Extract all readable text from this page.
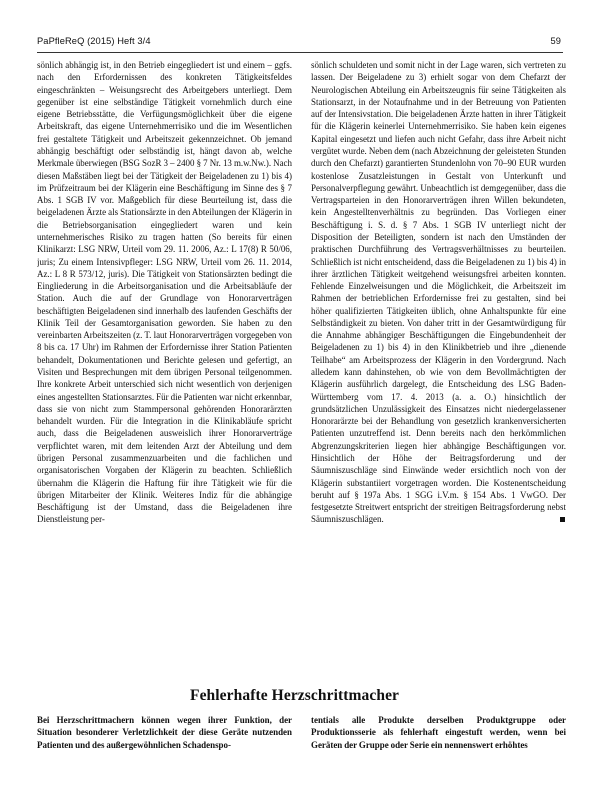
PaPfleReQ (2015) Heft 3/4	59

sönlich abhängig ist, in den Betrieb eingegliedert ist und einem – ggfs. nach den Erfordernissen des konkreten Tätigkeitsfeldes eingeschränkten – Weisungsrecht des Arbeitgebers unterliegt. Dem gegenüber ist eine selbständige Tätigkeit vornehmlich durch eine eigene Betriebsstätte, die Verfügungsmöglichkeit über die eigene Arbeitskraft, das eigene Unternehmerrisiko und die im Wesentlichen frei gestaltete Tätigkeit und Arbeitszeit gekennzeichnet. Ob jemand abhängig beschäftigt oder selbständig ist, hängt davon ab, welche Merkmale überwiegen (BSG SozR 3 – 2400 § 7 Nr. 13 m.w.Nw.). Nach diesen Maßstäben liegt bei der Tätigkeit der Beigeladenen zu 1) bis 4) im Prüfzeitraum bei der Klägerin eine Beschäftigung im Sinne des § 7 Abs. 1 SGB IV vor. Maßgeblich für diese Beurteilung ist, dass die beigeladenen Ärzte als Stationsärzte in den Abteilungen der Klägerin in die Betriebsorganisation eingegliedert waren und kein unternehmerisches Risiko zu tragen hatten (So bereits für einen Klinikarzt: LSG NRW, Urteil vom 29. 11. 2006, Az.: L 17(8) R 50/06, juris; Zu einem Intensivpfleger: LSG NRW, Urteil vom 26. 11. 2014, Az.: L 8 R 573/12, juris). Die Tätigkeit von Stationsärzten bedingt die Eingliederung in die Arbeitsorganisation und die Arbeitsabläufe der Station. Auch die auf der Grundlage von Honorarverträgen beschäftigten Beigeladenen sind innerhalb des laufenden Geschäfts der Klinik Teil der Gesamtorganisation geworden. Sie haben zu den vereinbarten Arbeitszeiten (z. T. laut Honorarverträgen vorgegeben von 8 bis ca. 17 Uhr) im Rahmen der Erfordernisse ihrer Station Patienten behandelt, Dokumentationen und Berichte gelesen und gefertigt, an Visiten und Besprechungen mit dem übrigen Personal teilgenommen. Ihre konkrete Arbeit unterschied sich nicht wesentlich von derjenigen eines angestellten Stationsarztes. Für die Patienten war nicht erkennbar, dass sie von nicht zum Stammpersonal gehörenden Honorarärzten behandelt wurden. Für die Integration in die Klinikabläufe spricht auch, dass die Beigeladenen ausweislich ihrer Honorarverträge verpflichtet waren, mit dem leitenden Arzt der Abteilung und dem übrigen Personal zusammenzuarbeiten und die fachlichen und organisatorischen Vorgaben der Klägerin zu beachten. Schließlich übernahm die Klägerin die Haftung für ihre Tätigkeit wie für die übrigen Mitarbeiter der Klinik. Weiteres Indiz für die abhängige Beschäftigung ist der Umstand, dass die Beigeladenen ihre Dienstleistung per-

sönlich schuldeten und somit nicht in der Lage waren, sich vertreten zu lassen. Der Beigeladene zu 3) erhielt sogar von dem Chefarzt der Neurologischen Abteilung ein Arbeitszeugnis für seine Tätigkeiten als Stationsarzt, in der Notaufnahme und in der Betreuung von Patienten auf der Intensivstation. Die beigeladenen Ärzte hatten in ihrer Tätigkeit für die Klägerin keinerlei Unternehmerrisiko. Sie haben kein eigenes Kapital eingesetzt und liefen auch nicht Gefahr, dass ihre Arbeit nicht vergütet wurde. Neben dem (nach Abzeichnung der geleisteten Stunden durch den Chefarzt) garantierten Stundenlohn von 70–90 EUR wurden kostenlose Zusatzleistungen in Gestalt von Unterkunft und Personalverpflegung gewährt. Unbeachtlich ist demgegenüber, dass die Vertragsparteien in den Honorarverträgen ihren Willen bekundeten, kein Angestelltenverhältnis zu begründen. Das Vorliegen einer Beschäftigung i. S. d. § 7 Abs. 1 SGB IV unterliegt nicht der Disposition der Beteiligten, sondern ist nach den Umständen der praktischen Durchführung des Vertragsverhältnisses zu beurteilen. Schließlich ist nicht entscheidend, dass die Beigeladenen zu 1) bis 4) in ihrer ärztlichen Tätigkeit weitgehend weisungsfrei arbeiten konnten. Fehlende Einzelweisungen und die Möglichkeit, die Arbeitszeit im Rahmen der betrieblichen Erfordernisse frei zu gestalten, sind bei höher qualifizierten Tätigkeiten üblich, ohne Anhaltspunkte für eine Selbständigkeit zu bieten. Von daher tritt in der Gesamtwürdigung für die Annahme abhängiger Beschäftigungen die Eingebundenheit der Beigeladenen zu 1) bis 4) in den Klinikbetrieb und ihre „dienende Teilhabe“ am Arbeitsprozess der Klägerin in den Vordergrund. Nach alledem kann dahinstehen, ob wie von dem Bevollmächtigten der Klägerin ausführlich dargelegt, die Entscheidung des LSG Baden-Württemberg vom 17. 4. 2013 (a. a. O.) hinsichtlich der grundsätzlichen Unzulässigkeit des Einsatzes nicht niedergelassener Honorarärzte bei der Behandlung von gesetzlich krankenversicherten Patienten unzutreffend ist. Denn bereits nach den herkömmlichen Abgrenzungskriterien liegen hier abhängige Beschäftigungen vor. Hinsichtlich der Höhe der Beitragsforderung und der Säumniszuschläge sind Einwände weder ersichtlich noch von der Klägerin substantiiert vorgetragen worden. Die Kostenentscheidung beruht auf § 197a Abs. 1 SGG i.V.m. § 154 Abs. 1 VwGO. Der festgesetzte Streitwert entspricht der streitigen Beitragsforderung nebst Säumniszuschlägen.

Fehlerhafte Herzschrittmacher
Bei Herzschrittmachern können wegen ihrer Funktion, der Situation besonderer Verletzlichkeit der diese Geräte nutzenden Patienten und des außergewöhnlichen Schadenspo-
tentials alle Produkte derselben Produktgruppe oder Produktionsserie als fehlerhaft eingestuft werden, wenn bei Geräten der Gruppe oder Serie ein nennenswert erhöhtes
